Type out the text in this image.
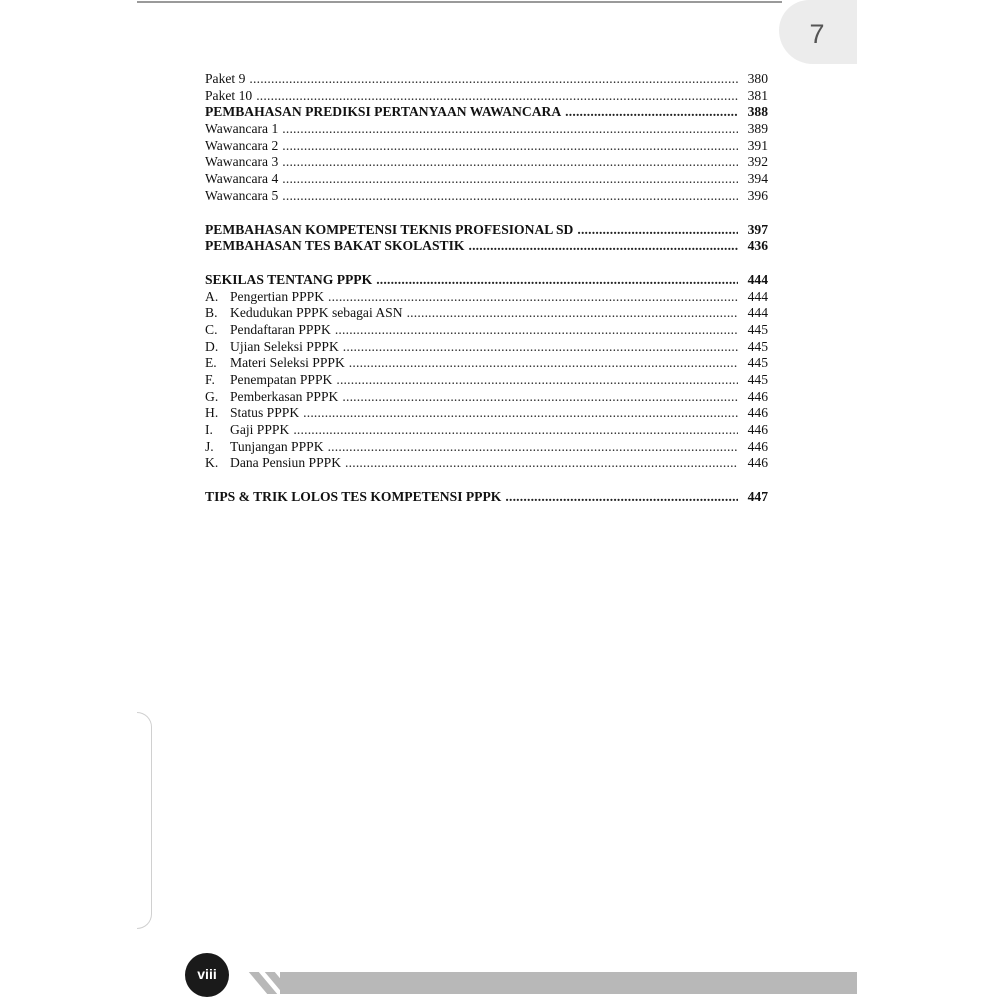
7
Paket 9 .....	380
Paket 10 .....	381
PEMBAHASAN PREDIKSI PERTANYAAN WAWANCARA .....	388
Wawancara 1 .....	389
Wawancara 2 .....	391
Wawancara 3 .....	392
Wawancara 4 .....	394
Wawancara 5 .....	396
PEMBAHASAN KOMPETENSI TEKNIS PROFESIONAL SD .....	397
PEMBAHASAN TES BAKAT SKOLASTIK .....	436
SEKILAS TENTANG PPPK .....	444
A. Pengertian PPPK .....	444
B. Kedudukan PPPK sebagai ASN .....	444
C. Pendaftaran PPPK .....	445
D. Ujian Seleksi PPPK .....	445
E. Materi Seleksi PPPK .....	445
F. Penempatan PPPK .....	445
G. Pemberkasan PPPK .....	446
H. Status PPPK .....	446
I. Gaji PPPK .....	446
J. Tunjangan PPPK .....	446
K. Dana Pensiun PPPK .....	446
TIPS & TRIK LOLOS TES KOMPETENSI PPPK .....	447
viii
